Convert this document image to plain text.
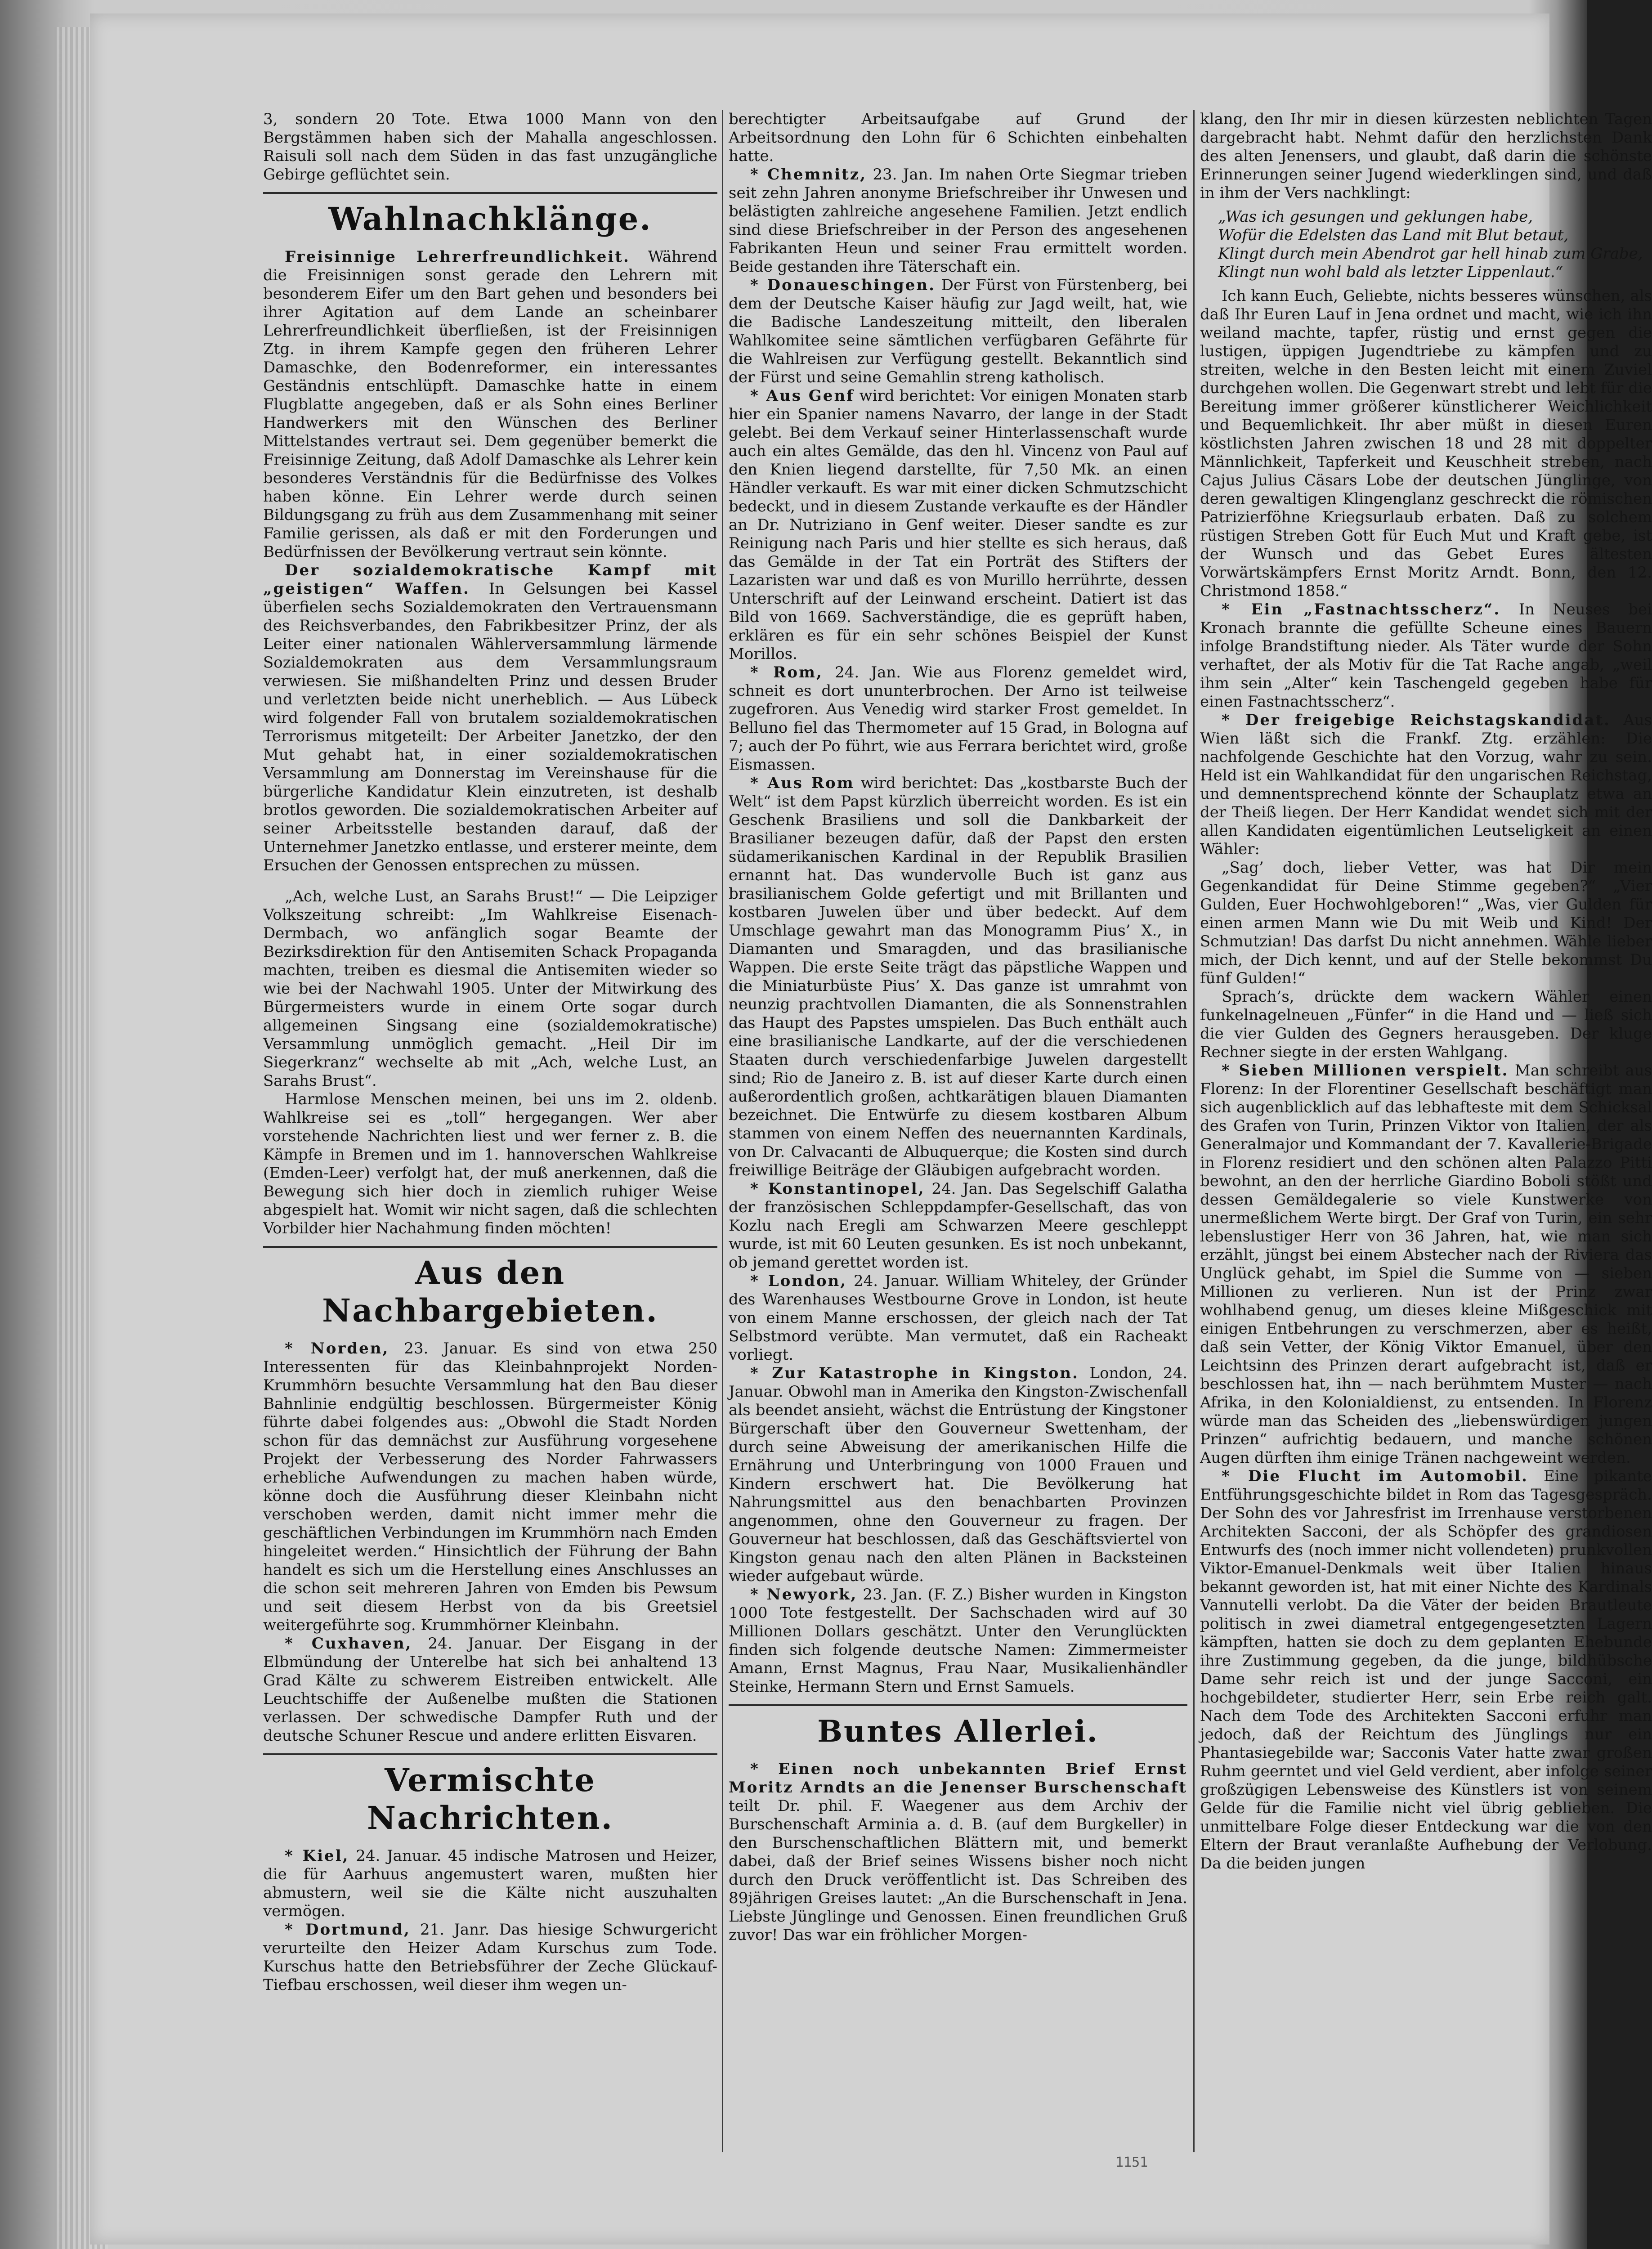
3, sondern 20 Tote. Etwa 1000 Mann von den Bergstämmen haben sich der Mahalla angeschlossen. Raisuli soll nach dem Süden in das fast unzugängliche Gebirge geflüchtet sein.

Wahlnachklänge.

Freisinnige Lehrerfreundlichkeit. Während die Freisinnigen sonst gerade den Lehrern mit besonderem Eifer um den Bart gehen und besonders bei ihrer Agitation auf dem Lande an scheinbarer Lehrerfreundlichkeit überfließen, ist der Freisinnigen Ztg. in ihrem Kampfe gegen den früheren Lehrer Damaschke, den Bodenreformer, ein interessantes Geständnis entschlüpft. Damaschke hatte in einem Flugblatte angegeben, daß er als Sohn eines Berliner Handwerkers mit den Wünschen des Berliner Mittelstandes vertraut sei. Dem gegenüber bemerkt die Freisinnige Zeitung, daß Adolf Damaschke als Lehrer kein besonderes Verständnis für die Bedürfnisse des Volkes haben könne. Ein Lehrer werde durch seinen Bildungsgang zu früh aus dem Zusammenhang mit seiner Familie gerissen, als daß er mit den Forderungen und Bedürfnissen der Bevölkerung vertraut sein könnte.

Der sozialdemokratische Kampf mit „geistigen“ Waffen. In Gelsungen bei Kassel überfielen sechs Sozialdemokraten den Vertrauensmann des Reichsverbandes, den Fabrikbesitzer Prinz, der als Leiter einer nationalen Wählerversammlung lärmende Sozialdemokraten aus dem Versammlungsraum verwiesen. Sie mißhandelten Prinz und dessen Bruder und verletzten beide nicht unerheblich. — Aus Lübeck wird folgender Fall von brutalem sozialdemokratischen Terrorismus mitgeteilt: Der Arbeiter Janetzko, der den Mut gehabt hat, in einer sozialdemokratischen Versammlung am Donnerstag im Vereinshause für die bürgerliche Kandidatur Klein einzutreten, ist deshalb brotlos geworden. Die sozialdemokratischen Arbeiter auf seiner Arbeitsstelle bestanden darauf, daß der Unternehmer Janetzko entlasse, und ersterer meinte, dem Ersuchen der Genossen entsprechen zu müssen.

„Ach, welche Lust, an Sarahs Brust!“ — Die Leipziger Volkszeitung schreibt: „Im Wahlkreise Eisenach-Dermbach, wo anfänglich sogar Beamte der Bezirksdirektion für den Antisemiten Schack Propaganda machten, treiben es diesmal die Antisemiten wieder so wie bei der Nachwahl 1905. Unter der Mitwirkung des Bürgermeisters wurde in einem Orte sogar durch allgemeinen Singsang eine (sozialdemokratische) Versammlung unmöglich gemacht. „Heil Dir im Siegerkranz“ wechselte ab mit „Ach, welche Lust, an Sarahs Brust“.

Harmlose Menschen meinen, bei uns im 2. oldenb. Wahlkreise sei es „toll“ hergegangen. Wer aber vorstehende Nachrichten liest und wer ferner z. B. die Kämpfe in Bremen und im 1. hannoverschen Wahlkreise (Emden-Leer) verfolgt hat, der muß anerkennen, daß die Bewegung sich hier doch in ziemlich ruhiger Weise abgespielt hat. Womit wir nicht sagen, daß die schlechten Vorbilder hier Nachahmung finden möchten!

Aus den Nachbargebieten.

* Norden, 23. Januar. Es sind von etwa 250 Interessenten für das Kleinbahnprojekt Norden-Krummhörn besuchte Versammlung hat den Bau dieser Bahnlinie endgültig beschlossen. Bürgermeister König führte dabei folgendes aus: „Obwohl die Stadt Norden schon für das demnächst zur Ausführung vorgesehene Projekt der Verbesserung des Norder Fahrwassers erhebliche Aufwendungen zu machen haben würde, könne doch die Ausführung dieser Kleinbahn nicht verschoben werden, damit nicht immer mehr die geschäftlichen Verbindungen im Krummhörn nach Emden hingeleitet werden.“ Hinsichtlich der Führung der Bahn handelt es sich um die Herstellung eines Anschlusses an die schon seit mehreren Jahren von Emden bis Pewsum und seit diesem Herbst von da bis Greetsiel weitergeführte sog. Krummhörner Kleinbahn.

* Cuxhaven, 24. Januar. Der Eisgang in der Elbmündung der Unterelbe hat sich bei anhaltend 13 Grad Kälte zu schwerem Eistreiben entwickelt. Alle Leuchtschiffe der Außenelbe mußten die Stationen verlassen. Der schwedische Dampfer Ruth und der deutsche Schuner Rescue und andere erlitten Eisvaren.

Vermischte Nachrichten.

* Kiel, 24. Januar. 45 indische Matrosen und Heizer, die für Aarhuus angemustert waren, mußten hier abmustern, weil sie die Kälte nicht auszuhalten vermögen.

* Dortmund, 21. Janr. Das hiesige Schwurgericht verurteilte den Heizer Adam Kurschus zum Tode. Kurschus hatte den Betriebsführer der Zeche Glückauf-Tiefbau erschossen, weil dieser ihm wegen un-

berechtigter Arbeitsaufgabe auf Grund der Arbeitsordnung den Lohn für 6 Schichten einbehalten hatte.

* Chemnitz, 23. Jan. Im nahen Orte Siegmar trieben seit zehn Jahren anonyme Briefschreiber ihr Unwesen und belästigten zahlreiche angesehene Familien. Jetzt endlich sind diese Briefschreiber in der Person des angesehenen Fabrikanten Heun und seiner Frau ermittelt worden. Beide gestanden ihre Täterschaft ein.

* Donaueschingen. Der Fürst von Fürstenberg, bei dem der Deutsche Kaiser häufig zur Jagd weilt, hat, wie die Badische Landeszeitung mitteilt, den liberalen Wahlkomitee seine sämtlichen verfügbaren Gefährte für die Wahlreisen zur Verfügung gestellt. Bekanntlich sind der Fürst und seine Gemahlin streng katholisch.

* Aus Genf wird berichtet: Vor einigen Monaten starb hier ein Spanier namens Navarro, der lange in der Stadt gelebt. Bei dem Verkauf seiner Hinterlassenschaft wurde auch ein altes Gemälde, das den hl. Vincenz von Paul auf den Knien liegend darstellte, für 7,50 Mk. an einen Händler verkauft. Es war mit einer dicken Schmutzschicht bedeckt, und in diesem Zustande verkaufte es der Händler an Dr. Nutriziano in Genf weiter. Dieser sandte es zur Reinigung nach Paris und hier stellte es sich heraus, daß das Gemälde in der Tat ein Porträt des Stifters der Lazaristen war und daß es von Murillo herrührte, dessen Unterschrift auf der Leinwand erscheint. Datiert ist das Bild von 1669. Sachverständige, die es geprüft haben, erklären es für ein sehr schönes Beispiel der Kunst Morillos.

* Rom, 24. Jan. Wie aus Florenz gemeldet wird, schneit es dort ununterbrochen. Der Arno ist teilweise zugefroren. Aus Venedig wird starker Frost gemeldet. In Belluno fiel das Thermometer auf 15 Grad, in Bologna auf 7; auch der Po führt, wie aus Ferrara berichtet wird, große Eismassen.

* Aus Rom wird berichtet: Das „kostbarste Buch der Welt“ ist dem Papst kürzlich überreicht worden. Es ist ein Geschenk Brasiliens und soll die Dankbarkeit der Brasilianer bezeugen dafür, daß der Papst den ersten südamerikanischen Kardinal in der Republik Brasilien ernannt hat. Das wundervolle Buch ist ganz aus brasilianischem Golde gefertigt und mit Brillanten und kostbaren Juwelen über und über bedeckt. Auf dem Umschlage gewahrt man das Monogramm Pius’ X., in Diamanten und Smaragden, und das brasilianische Wappen. Die erste Seite trägt das päpstliche Wappen und die Miniaturbüste Pius’ X. Das ganze ist umrahmt von neunzig prachtvollen Diamanten, die als Sonnenstrahlen das Haupt des Papstes umspielen. Das Buch enthält auch eine brasilianische Landkarte, auf der die verschiedenen Staaten durch verschiedenfarbige Juwelen dargestellt sind; Rio de Janeiro z. B. ist auf dieser Karte durch einen außerordentlich großen, achtkarätigen blauen Diamanten bezeichnet. Die Entwürfe zu diesem kostbaren Album stammen von einem Neffen des neuernannten Kardinals, von Dr. Calvacanti de Albuquerque; die Kosten sind durch freiwillige Beiträge der Gläubigen aufgebracht worden.

* Konstantinopel, 24. Jan. Das Segelschiff Galatha der französischen Schleppdampfer-Gesellschaft, das von Kozlu nach Eregli am Schwarzen Meere geschleppt wurde, ist mit 60 Leuten gesunken. Es ist noch unbekannt, ob jemand gerettet worden ist.

* London, 24. Januar. William Whiteley, der Gründer des Warenhauses Westbourne Grove in London, ist heute von einem Manne erschossen, der gleich nach der Tat Selbstmord verübte. Man vermutet, daß ein Racheakt vorliegt.

* Zur Katastrophe in Kingston. London, 24. Januar. Obwohl man in Amerika den Kingston-Zwischenfall als beendet ansieht, wächst die Entrüstung der Kingstoner Bürgerschaft über den Gouverneur Swettenham, der durch seine Abweisung der amerikanischen Hilfe die Ernährung und Unterbringung von 1000 Frauen und Kindern erschwert hat. Die Bevölkerung hat Nahrungsmittel aus den benachbarten Provinzen angenommen, ohne den Gouverneur zu fragen. Der Gouverneur hat beschlossen, daß das Geschäftsviertel von Kingston genau nach den alten Plänen in Backsteinen wieder aufgebaut würde.

* Newyork, 23. Jan. (F. Z.) Bisher wurden in Kingston 1000 Tote festgestellt. Der Sachschaden wird auf 30 Millionen Dollars geschätzt. Unter den Verunglückten finden sich folgende deutsche Namen: Zimmermeister Amann, Ernst Magnus, Frau Naar, Musikalienhändler Steinke, Hermann Stern und Ernst Samuels.

Buntes Allerlei.

* Einen noch unbekannten Brief Ernst Moritz Arndts an die Jenenser Burschenschaft teilt Dr. phil. F. Waegener aus dem Archiv der Burschenschaft Arminia a. d. B. (auf dem Burgkeller) in den Burschenschaftlichen Blättern mit, und bemerkt dabei, daß der Brief seines Wissens bisher noch nicht durch den Druck veröffentlicht ist. Das Schreiben des 89jährigen Greises lautet: „An die Burschenschaft in Jena. Liebste Jünglinge und Genossen. Einen freundlichen Gruß zuvor! Das war ein fröhlicher Morgen-

klang, den Ihr mir in diesen kürzesten neblichten Tagen dargebracht habt. Nehmt dafür den herzlichsten Dank des alten Jenensers, und glaubt, daß darin die schönste Erinnerungen seiner Jugend wiederklingen sind, und daß in ihm der Vers nachklingt:

„Was ich gesungen und geklungen habe,
Wofür die Edelsten das Land mit Blut betaut,
Klingt durch mein Abendrot gar hell hinab zum Grabe,
Klingt nun wohl bald als letzter Lippenlaut.“

Ich kann Euch, Geliebte, nichts besseres wünschen, als daß Ihr Euren Lauf in Jena ordnet und macht, wie ich ihn weiland machte, tapfer, rüstig und ernst gegen die lustigen, üppigen Jugendtriebe zu kämpfen und zu streiten, welche in den Besten leicht mit einem Zuviel durchgehen wollen. Die Gegenwart strebt und lebt für die Bereitung immer größerer künstlicherer Weichlichkeit und Bequemlichkeit. Ihr aber müßt in diesen Euren köstlichsten Jahren zwischen 18 und 28 mit doppelter Männlichkeit, Tapferkeit und Keuschheit streben, nach Cajus Julius Cäsars Lobe der deutschen Jünglinge, von deren gewaltigen Klingenglanz geschreckt die römischen Patrizierföhne Kriegsurlaub erbaten. Daß zu solchem rüstigen Streben Gott für Euch Mut und Kraft gebe, ist der Wunsch und das Gebet Eures ältesten Vorwärtskämpfers Ernst Moritz Arndt. Bonn, den 12. Christmond 1858.“

* Ein „Fastnachtsscherz“. In Neuses bei Kronach brannte die gefüllte Scheune eines Bauern infolge Brandstiftung nieder. Als Täter wurde der Sohn verhaftet, der als Motiv für die Tat Rache angab, „weil ihm sein „Alter“ kein Taschengeld gegeben habe für einen Fastnachtsscherz“.

* Der freigebige Reichstagskandidat. Aus Wien läßt sich die Frankf. Ztg. erzählen: Die nachfolgende Geschichte hat den Vorzug, wahr zu sein. Held ist ein Wahlkandidat für den ungarischen Reichstag, und demnentsprechend könnte der Schauplatz etwa an der Theiß liegen. Der Herr Kandidat wendet sich mit der allen Kandidaten eigentümlichen Leutseligkeit an einen Wähler:

„Sag’ doch, lieber Vetter, was hat Dir mein Gegenkandidat für Deine Stimme gegeben?“ „Vier Gulden, Euer Hochwohlgeboren!“ „Was, vier Gulden für einen armen Mann wie Du mit Weib und Kind! Der Schmutzian! Das darfst Du nicht annehmen. Wähle lieber mich, der Dich kennt, und auf der Stelle bekommst Du fünf Gulden!“

Sprach’s, drückte dem wackern Wähler einen funkelnagelneuen „Fünfer“ in die Hand und — ließ sich die vier Gulden des Gegners herausgeben. Der kluge Rechner siegte in der ersten Wahlgang.

* Sieben Millionen verspielt. Man schreibt aus Florenz: In der Florentiner Gesellschaft beschäftigt man sich augenblicklich auf das lebhafteste mit dem Schicksal des Grafen von Turin, Prinzen Viktor von Italien, der als Generalmajor und Kommandant der 7. Kavallerie-Brigade in Florenz residiert und den schönen alten Palazzo Pitti bewohnt, an den der herrliche Giardino Boboli stößt und dessen Gemäldegalerie so viele Kunstwerke von unermeßlichem Werte birgt. Der Graf von Turin, ein sehr lebenslustiger Herr von 36 Jahren, hat, wie man sich erzählt, jüngst bei einem Abstecher nach der Riviera das Unglück gehabt, im Spiel die Summe von — sieben Millionen zu verlieren. Nun ist der Prinz zwar wohlhabend genug, um dieses kleine Mißgeschick mit einigen Entbehrungen zu verschmerzen, aber es heißt, daß sein Vetter, der König Viktor Emanuel, über den Leichtsinn des Prinzen derart aufgebracht ist, daß er beschlossen hat, ihn — nach berühmtem Muster — nach Afrika, in den Kolonialdienst, zu entsenden. In Florenz würde man das Scheiden des „liebenswürdigen jungen Prinzen“ aufrichtig bedauern, und manche schönen Augen dürften ihm einige Tränen nachgeweint werden.

* Die Flucht im Automobil. Eine pikante Entführungsgeschichte bildet in Rom das Tagesgespräch. Der Sohn des vor Jahresfrist im Irrenhause verstorbenen Architekten Sacconi, der als Schöpfer des grandiosen Entwurfs des (noch immer nicht vollendeten) prunkvollen Viktor-Emanuel-Denkmals weit über Italien hinaus bekannt geworden ist, hat mit einer Nichte des Kardinals Vannutelli verlobt. Da die Väter der beiden Brautleute politisch in zwei diametral entgegengesetzten Lagern kämpften, hatten sie doch zu dem geplanten Ehebunde ihre Zustimmung gegeben, da die junge, bildhübsche Dame sehr reich ist und der junge Sacconi, ein hochgebildeter, studierter Herr, sein Erbe reich galt. Nach dem Tode des Architekten Sacconi erfuhr man jedoch, daß der Reichtum des Jünglings nur ein Phantasiegebilde war; Sacconis Vater hatte zwar großen Ruhm geerntet und viel Geld verdient, aber infolge seiner großzügigen Lebensweise des Künstlers ist von seinem Gelde für die Familie nicht viel übrig geblieben. Die unmittelbare Folge dieser Entdeckung war die von den Eltern der Braut veranlaßte Aufhebung der Verlobung. Da die beiden jungen

1151
